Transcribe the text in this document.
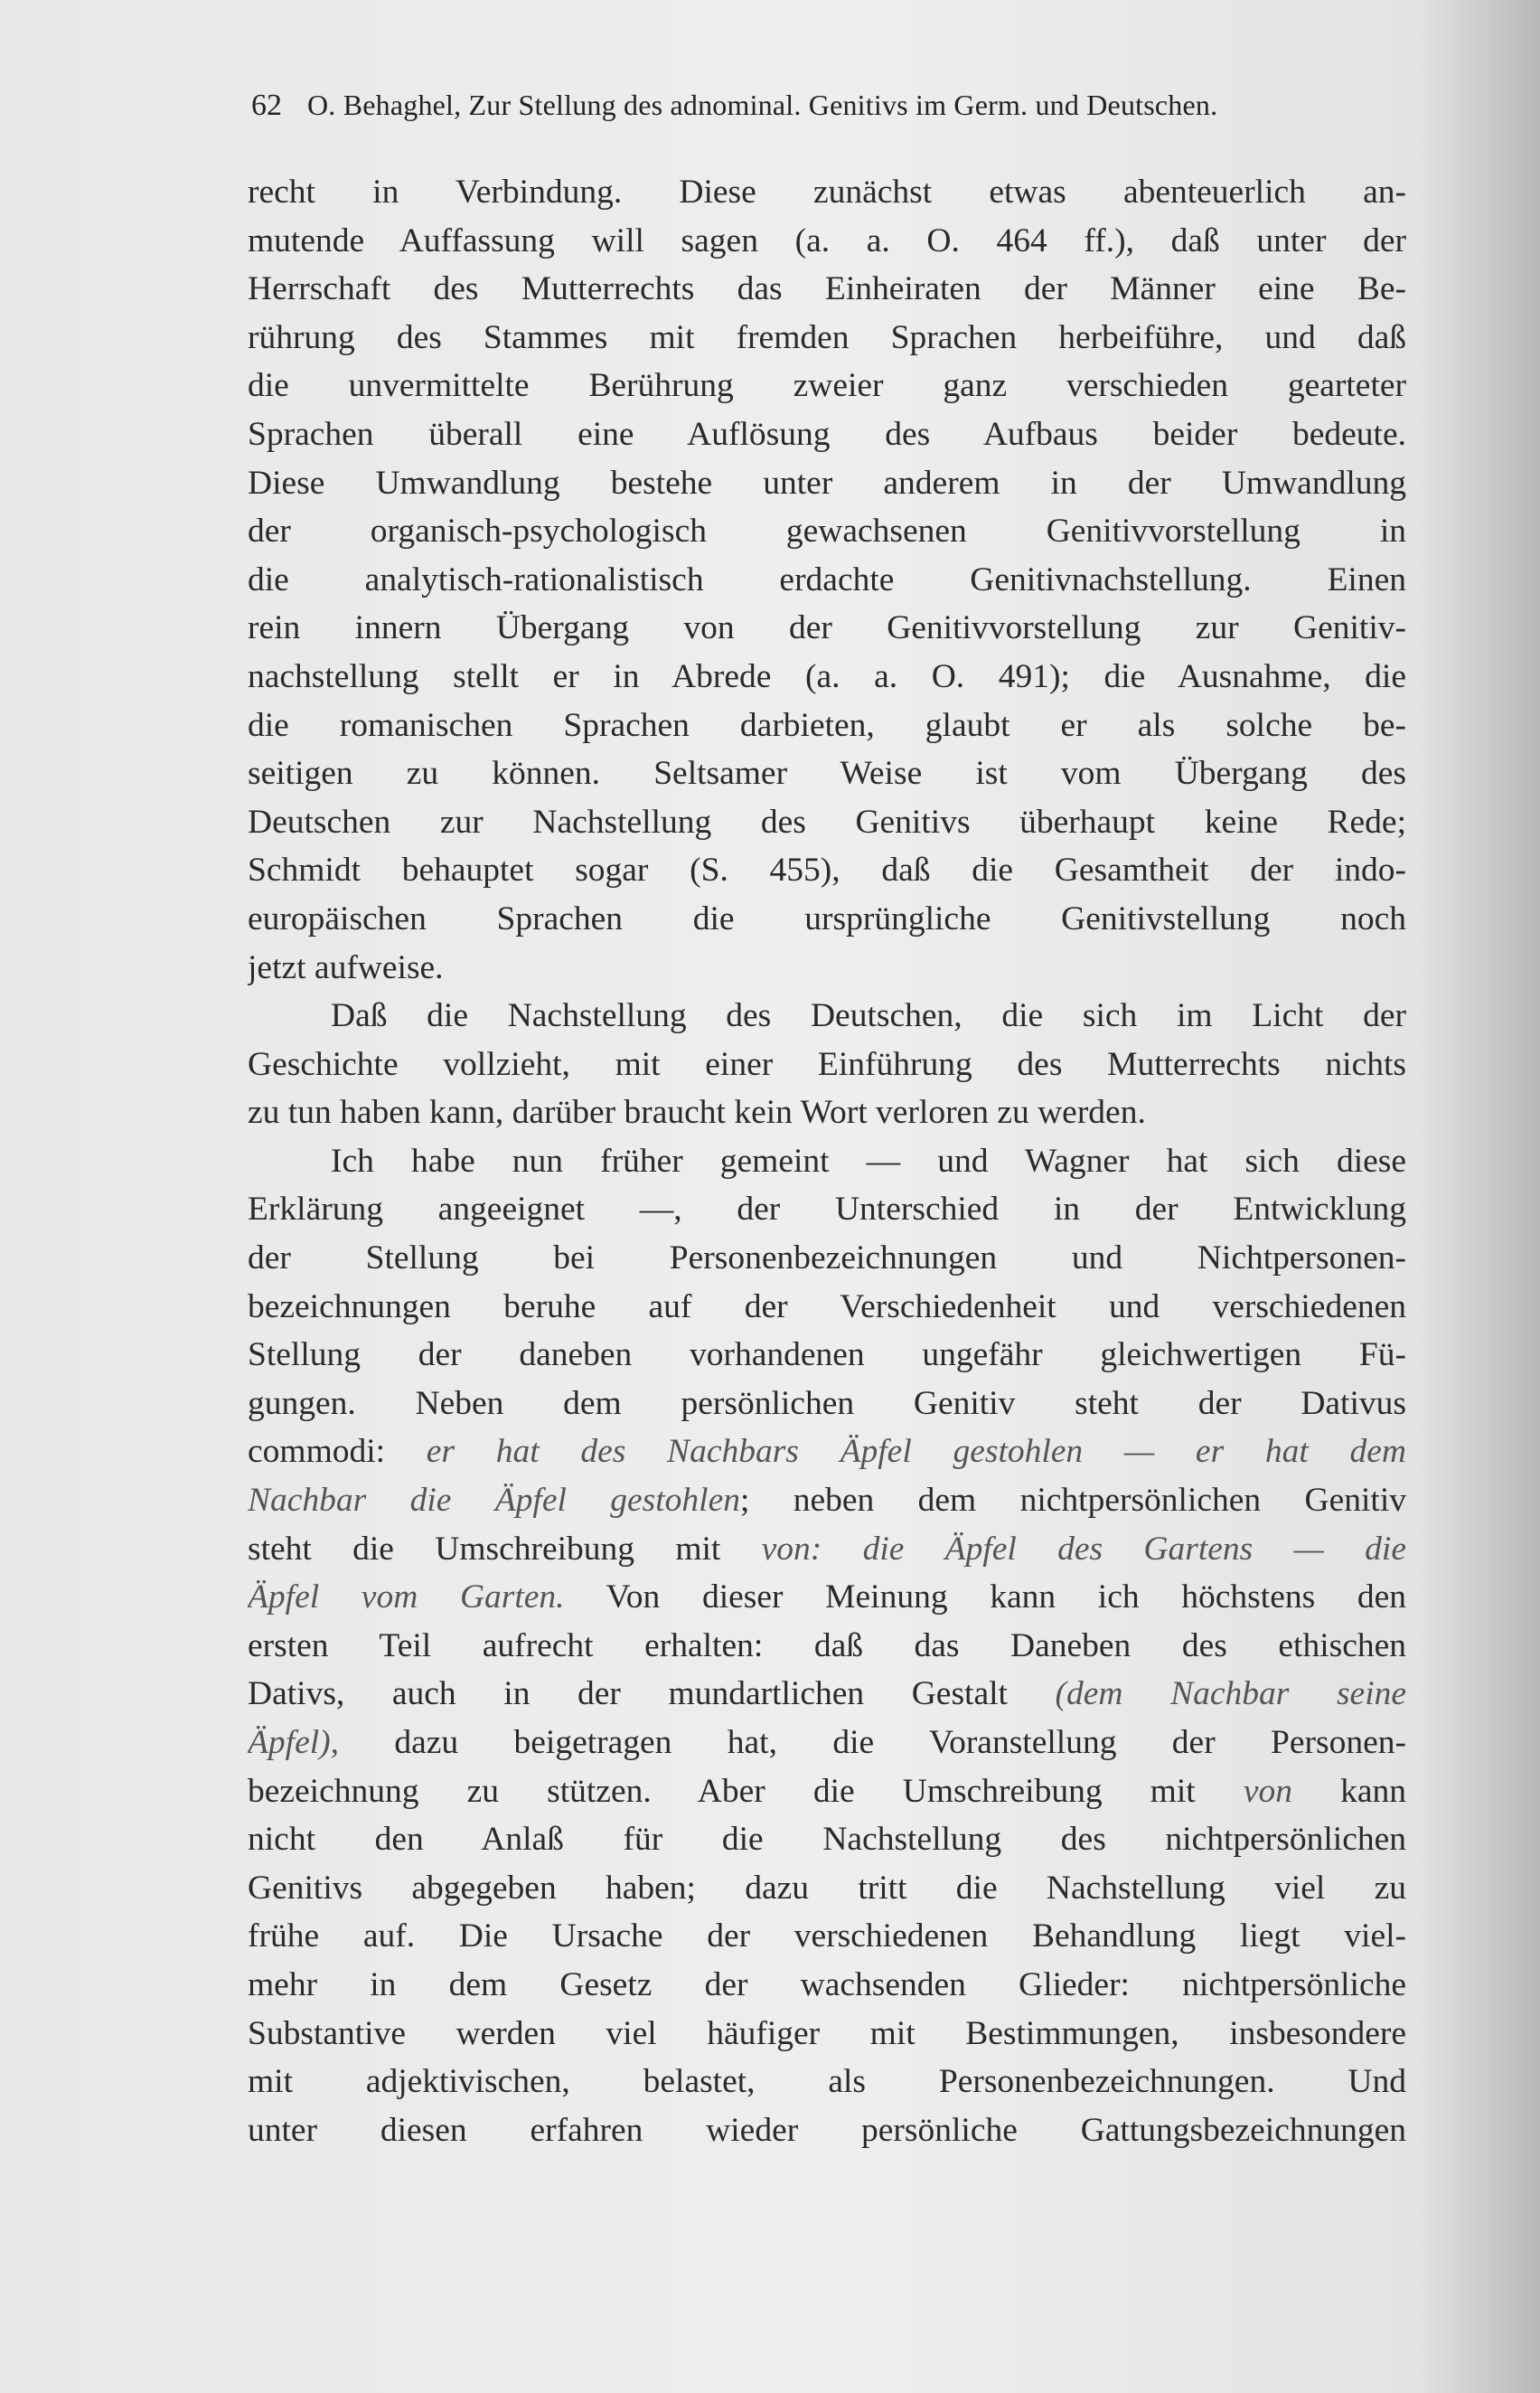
62 O. Behaghel, Zur Stellung des adnominal. Genitivs im Germ. und Deutschen.
recht in Verbindung. Diese zunächst etwas abenteuerlich an-
mutende Auffassung will sagen (a. a. O. 464 ff.), daß unter der
Herrschaft des Mutterrechts das Einheiraten der Männer eine Be-
rührung des Stammes mit fremden Sprachen herbeiführe, und daß
die unvermittelte Berührung zweier ganz verschieden gearteter
Sprachen überall eine Auflösung des Aufbaus beider bedeute.
Diese Umwandlung bestehe unter anderem in der Umwandlung
der organisch-psychologisch gewachsenen Genitivvorstellung in
die analytisch-rationalistisch erdachte Genitivnachstellung. Einen
rein innern Übergang von der Genitivvorstellung zur Genitiv-
nachstellung stellt er in Abrede (a. a. O. 491); die Ausnahme, die
die romanischen Sprachen darbieten, glaubt er als solche be-
seitigen zu können. Seltsamer Weise ist vom Übergang des
Deutschen zur Nachstellung des Genitivs überhaupt keine Rede;
Schmidt behauptet sogar (S. 455), daß die Gesamtheit der indo-
europäischen Sprachen die ursprüngliche Genitivstellung noch
jetzt aufweise.
Daß die Nachstellung des Deutschen, die sich im Licht der
Geschichte vollzieht, mit einer Einführung des Mutterrechts nichts
zu tun haben kann, darüber braucht kein Wort verloren zu werden.
Ich habe nun früher gemeint — und Wagner hat sich diese
Erklärung angeeignet —, der Unterschied in der Entwicklung
der Stellung bei Personenbezeichnungen und Nichtpersonen-
bezeichnungen beruhe auf der Verschiedenheit und verschiedenen
Stellung der daneben vorhandenen ungefähr gleichwertigen Fü-
gungen. Neben dem persönlichen Genitiv steht der Dativus
commodi: er hat des Nachbars Äpfel gestohlen — er hat dem
Nachbar die Äpfel gestohlen; neben dem nichtpersönlichen Genitiv
steht die Umschreibung mit von: die Äpfel des Gartens — die
Äpfel vom Garten. Von dieser Meinung kann ich höchstens den
ersten Teil aufrecht erhalten: daß das Daneben des ethischen
Dativs, auch in der mundartlichen Gestalt (dem Nachbar seine
Äpfel), dazu beigetragen hat, die Voranstellung der Personen-
bezeichnung zu stützen. Aber die Umschreibung mit von kann
nicht den Anlaß für die Nachstellung des nichtpersönlichen
Genitivs abgegeben haben; dazu tritt die Nachstellung viel zu
frühe auf. Die Ursache der verschiedenen Behandlung liegt viel-
mehr in dem Gesetz der wachsenden Glieder: nichtpersönliche
Substantive werden viel häufiger mit Bestimmungen, insbesondere
mit adjektivischen, belastet, als Personenbezeichnungen. Und
unter diesen erfahren wieder persönliche Gattungsbezeichnungen
